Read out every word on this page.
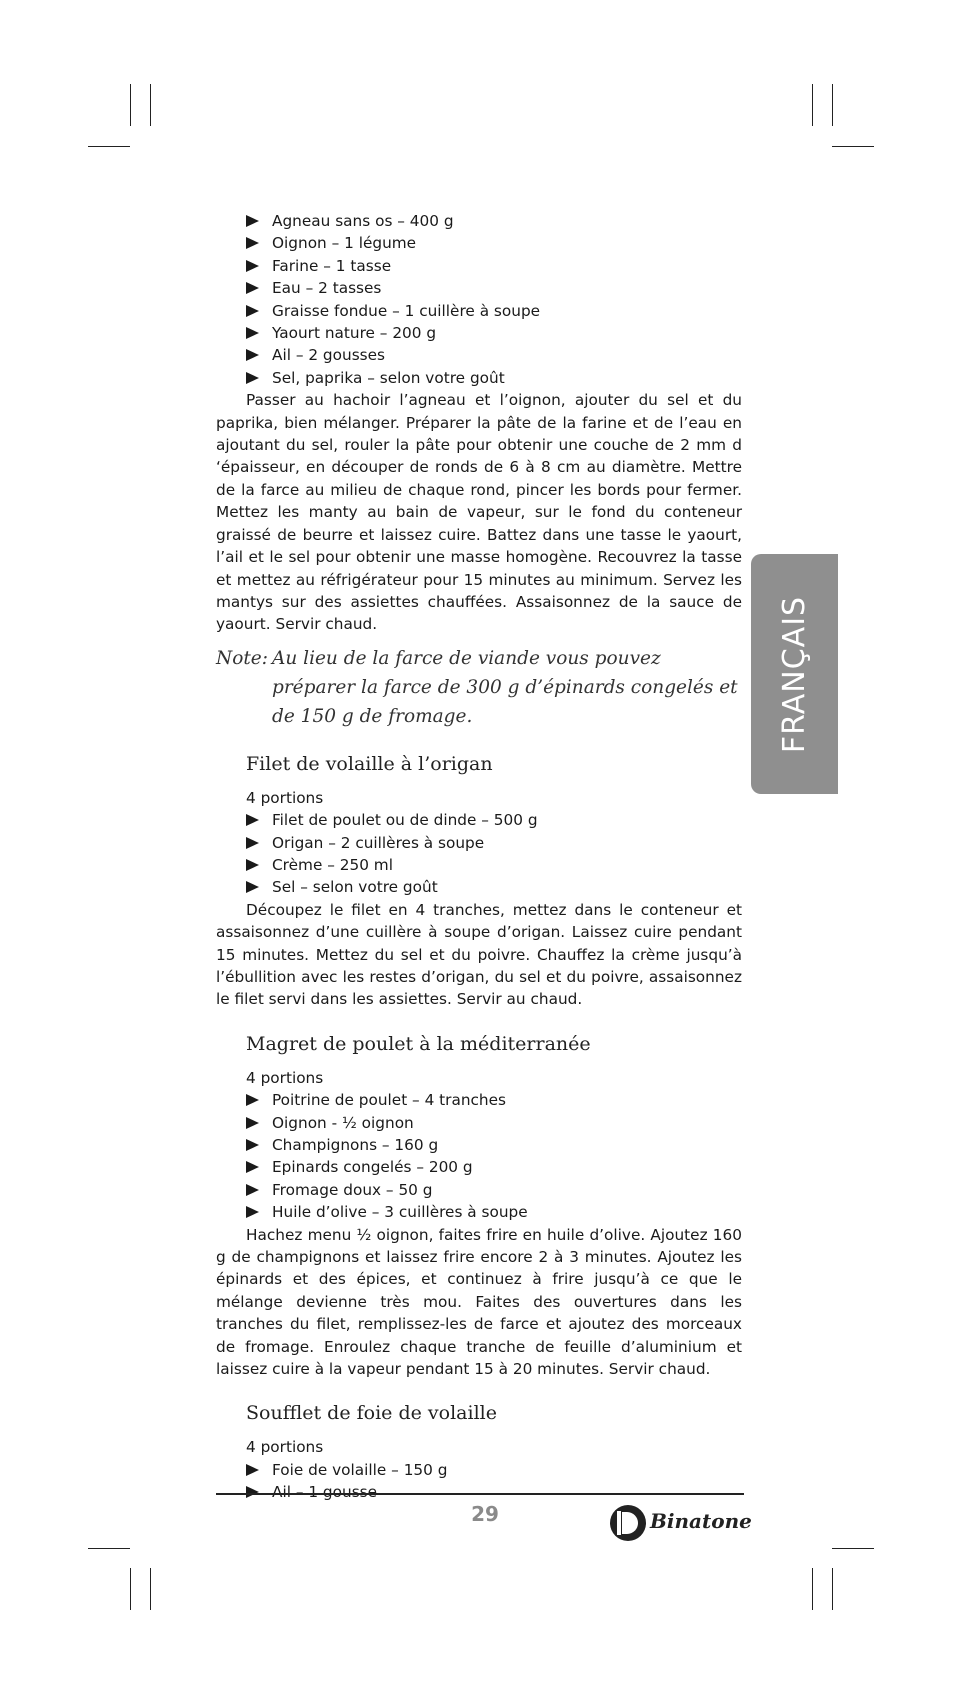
Agneau sans os – 400 g
Oignon – 1 légume
Farine – 1 tasse
Eau – 2 tasses
Graisse fondue – 1 cuillère à soupe
Yaourt nature – 200 g
Ail – 2 gousses
Sel, paprika – selon votre goût

Passer au hachoir l’agneau et l’oignon, ajouter du sel et du paprika, bien mélanger. Préparer la pâte de la farine et de l’eau en ajoutant du sel, rouler la pâte pour obtenir une couche de 2 mm d ‘épaisseur, en découper de ronds de 6 à 8 cm au diamètre. Mettre de la farce au milieu de chaque rond, pincer les bords pour fermer. Mettez les manty au bain de vapeur, sur le fond du conteneur graissé de beurre et laissez cuire. Battez dans une tasse le yaourt, l’ail et le sel pour obtenir une masse homogène. Recouvrez la tasse et mettez au réfrigérateur pour 15 minutes au minimum. Servez les mantys sur des assiettes chauffées. Assaisonnez de la sauce de yaourt. Servir chaud.

Note: Au lieu de la farce de viande vous pouvez préparer la farce de 300 g d’épinards congelés et de 150 g de fromage.
Filet de volaille à l’origan
4 portions
Filet de poulet ou de dinde – 500 g
Origan – 2 cuillères à soupe
Crème – 250 ml
Sel – selon votre goût

Découpez le filet en 4 tranches, mettez dans le conteneur et assaisonnez d’une cuillère à soupe d’origan. Laissez cuire pendant 15 minutes. Mettez du sel et du poivre. Chauffez la crème jusqu’à l’ébullition avec les restes d’origan, du sel et du poivre, assaisonnez le filet servi dans les assiettes. Servir au chaud.

Magret de poulet à la méditerranée
4 portions
Poitrine de poulet – 4 tranches
Oignon - ½ oignon
Champignons – 160 g
Epinards congelés – 200 g
Fromage doux – 50 g
Huile d’olive – 3 cuillères à soupe

Hachez menu ½ oignon, faites frire en huile d’olive. Ajoutez 160 g de champignons et laissez frire encore 2 à 3 minutes. Ajoutez les épinards et des épices, et continuez à frire jusqu’à ce que le mélange devienne très mou. Faites des ouvertures dans les tranches du filet, remplissez-les de farce et ajoutez des morceaux de fromage. Enroulez chaque tranche de feuille d’aluminium et laissez cuire à la vapeur pendant 15 à 20 minutes. Servir chaud.

Soufflet de foie de volaille
4 portions
Foie de volaille – 150 g
FRANÇAIS
29	Binatone
